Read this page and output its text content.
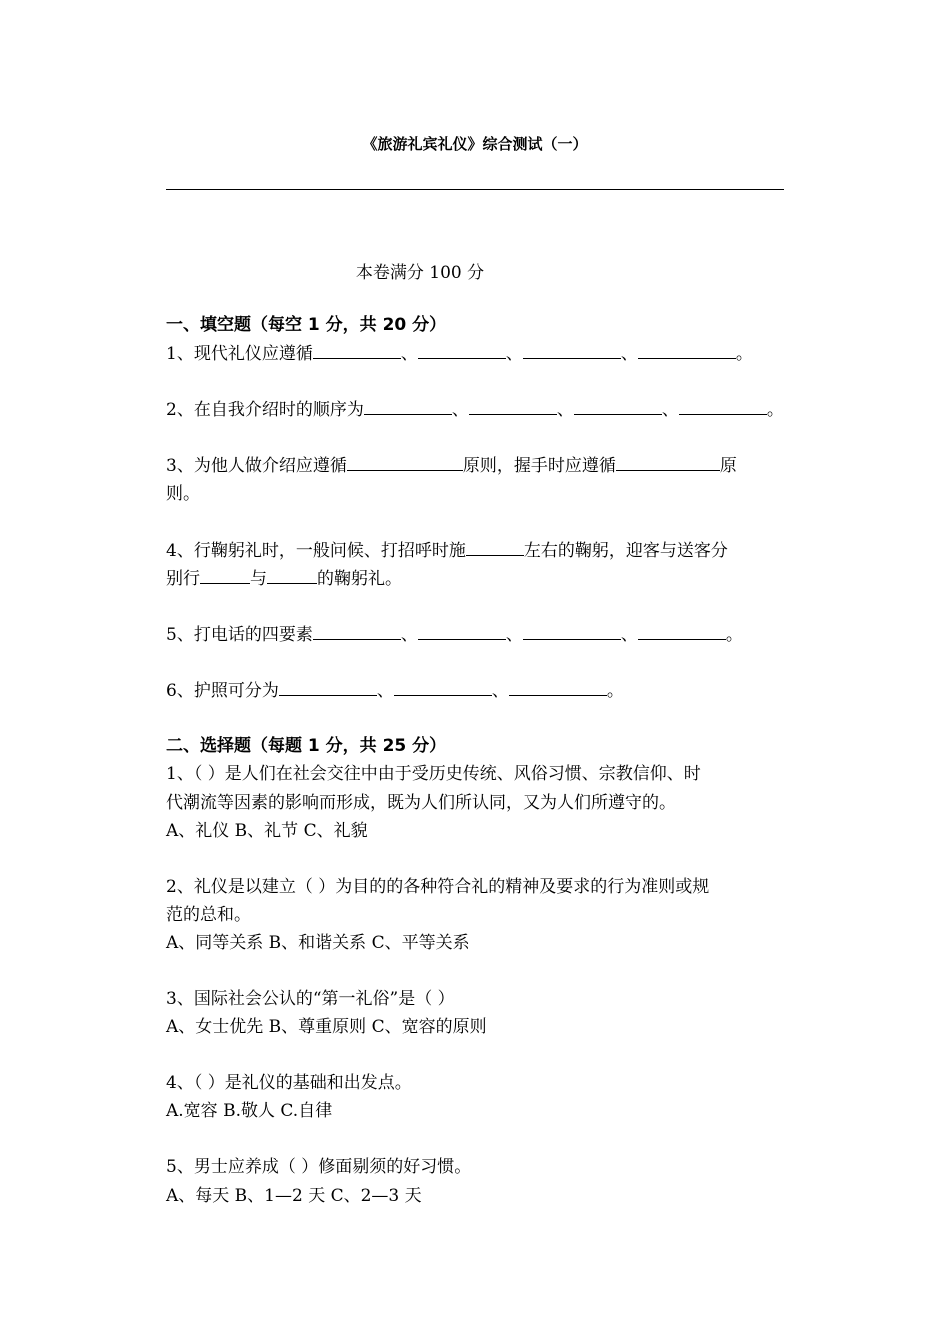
《旅游礼宾礼仪》综合测试（一）
本卷满分 100 分
一、填空题（每空 1 分，共 20 分）
1、现代礼仪应遵循	、	、	、	。
2、在自我介绍时的顺序为	、	、	、	。
3、为他人做介绍应遵循	原则，握手时应遵循	原
则。
4、行鞠躬礼时，一般问候、打招呼时施	左右的鞠躬，迎客与送客分
别行	与	的鞠躬礼。
5、打电话的四要素	、	、	、	。
6、护照可分为	、	、	。
二、选择题（每题 1 分，共 25 分）
1、（ ）是人们在社会交往中由于受历史传统、风俗习惯、宗教信仰、时
代潮流等因素的影响而形成，既为人们所认同，又为人们所遵守的。
A、礼仪 B、礼节 C、礼貌
2、礼仪是以建立（ ）为目的的各种符合礼的精神及要求的行为准则或规
范的总和。
A、同等关系 B、和谐关系 C、平等关系
3、国际社会公认的“第一礼俗”是（ ）
A、女士优先 B、尊重原则 C、宽容的原则
4、（ ）是礼仪的基础和出发点。
A.宽容 B.敬人 C.自律
5、男士应养成（ ）修面剔须的好习惯。
A、每天 B、1—2 天 C、2—3 天
